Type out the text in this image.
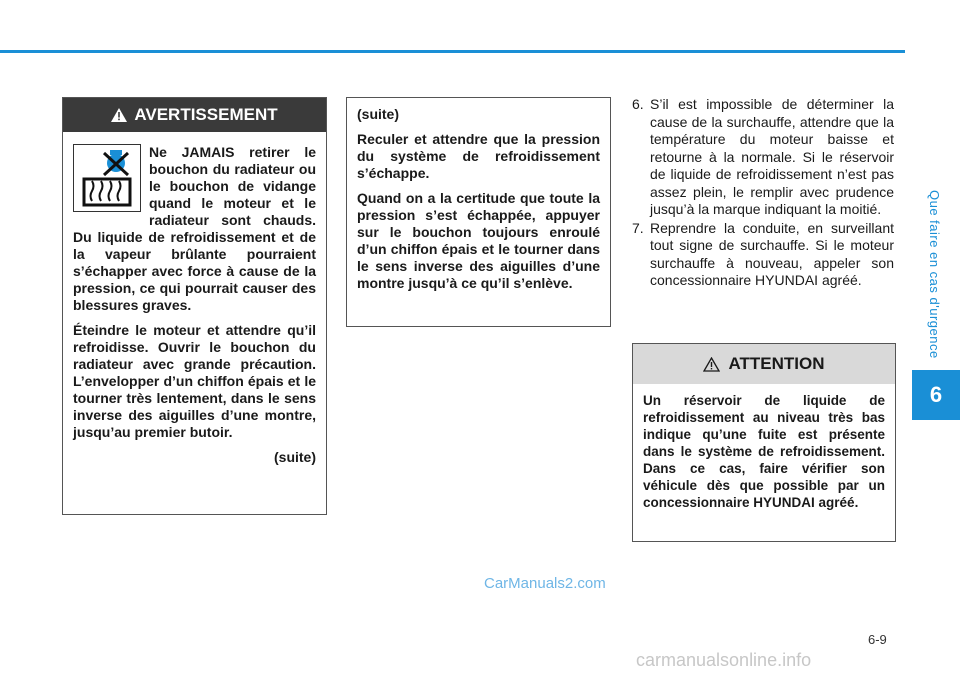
Que faire en cas d'urgence
6
AVERTISSEMENT

Ne JAMAIS retirer le bouchon du radiateur ou le bouchon de vidange quand le moteur et le radiateur sont chauds. Du liquide de refroidissement et de la vapeur brûlante pourraient s’échapper avec force à cause de la pression, ce qui pourrait causer des blessures graves.

Éteindre le moteur et attendre qu’il refroidisse. Ouvrir le bouchon du radiateur avec grande précaution. L’envelopper d’un chiffon épais et le tourner très lentement, dans le sens inverse des aiguilles d’une montre, jusqu’au premier butoir.

(suite)

(suite)

Reculer et attendre que la pression du système de refroidissement s’échappe.

Quand on a la certitude que toute la pression s’est échappée, appuyer sur le bouchon toujours enroulé d’un chiffon épais et le tourner dans le sens inverse des aiguilles d’une montre jusqu’à ce qu’il s’enlève.

6. S’il est impossible de déterminer la cause de la surchauffe, attendre que la température du moteur baisse et retourne à la normale. Si le réservoir de liquide de refroidissement n’est pas assez plein, le remplir avec prudence jusqu’à la marque indiquant la moitié.
7. Reprendre la conduite, en surveillant tout signe de surchauffe. Si le moteur surchauffe à nouveau, appeler son concessionnaire HYUNDAI agréé.
ATTENTION
Un réservoir de liquide de refroidissement au niveau très bas indique qu’une fuite est présente dans le système de refroidissement. Dans ce cas, faire vérifier son véhicule dès que possible par un concessionnaire HYUNDAI agréé.
CarManuals2.com
6-9
carmanualsonline.info
